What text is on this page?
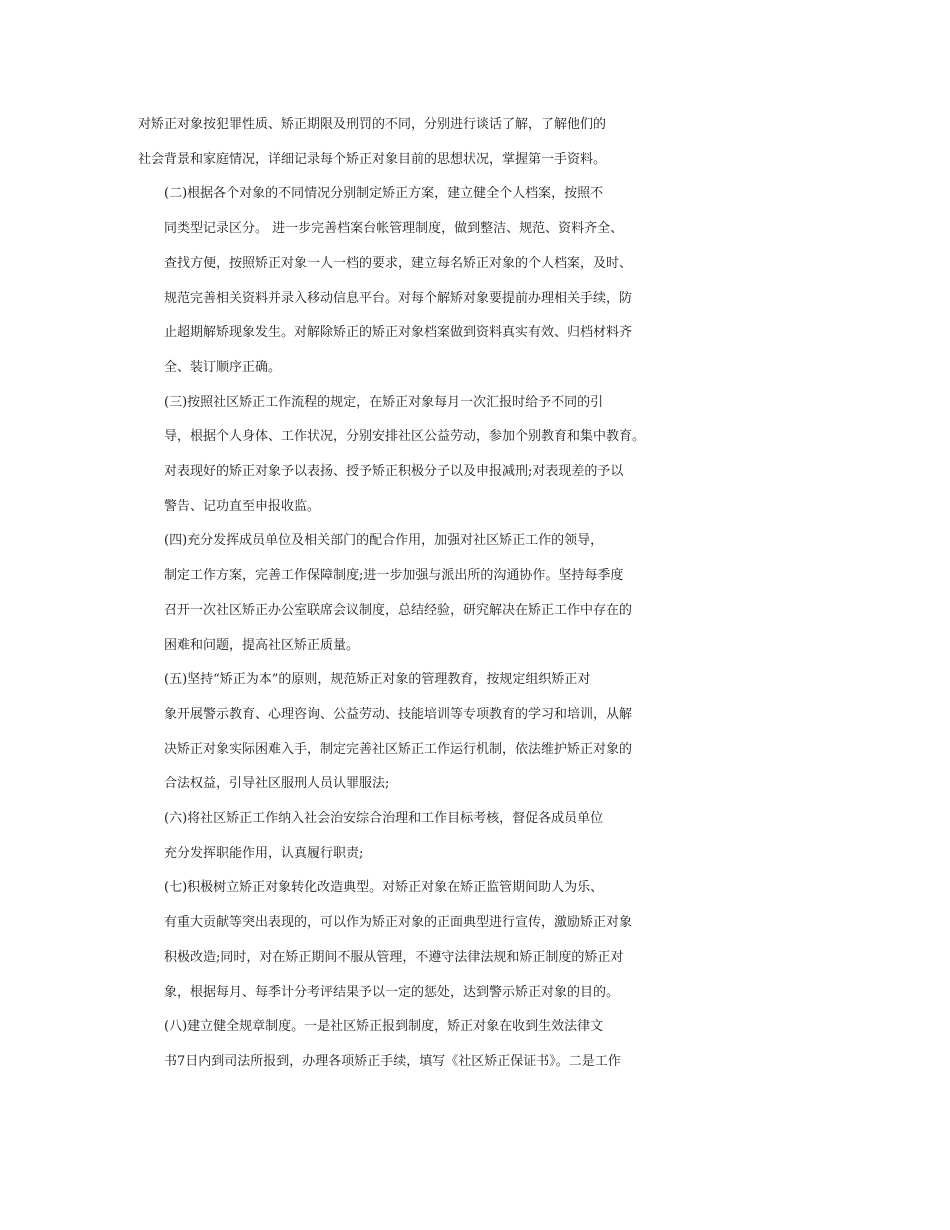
对矫正对象按犯罪性质、矫正期限及刑罚的不同，分别进行谈话了解，了解他们的
社会背景和家庭情况，详细记录每个矫正对象目前的思想状况，掌握第一手资料。
(二)根据各个对象的不同情况分别制定矫正方案，建立健全个人档案，按照不
同类型记录区分。 进一步完善档案台帐管理制度，做到整洁、规范、资料齐全、
查找方便，按照矫正对象一人一档的要求，建立每名矫正对象的个人档案，及时、
规范完善相关资料并录入移动信息平台。对每个解矫对象要提前办理相关手续，防
止超期解矫现象发生。对解除矫正的矫正对象档案做到资料真实有效、归档材料齐
全、装订顺序正确。
(三)按照社区矫正工作流程的规定，在矫正对象每月一次汇报时给予不同的引
导，根据个人身体、工作状况，分别安排社区公益劳动，参加个别教育和集中教育。
对表现好的矫正对象予以表扬、授予矫正积极分子以及申报减刑;对表现差的予以
警告、记功直至申报收监。
(四)充分发挥成员单位及相关部门的配合作用，加强对社区矫正工作的领导，
制定工作方案，完善工作保障制度;进一步加强与派出所的沟通协作。坚持每季度
召开一次社区矫正办公室联席会议制度，总结经验，研究解决在矫正工作中存在的
困难和问题，提高社区矫正质量。
(五)坚持“矫正为本”的原则，规范矫正对象的管理教育，按规定组织矫正对
象开展警示教育、心理咨询、公益劳动、技能培训等专项教育的学习和培训，从解
决矫正对象实际困难入手，制定完善社区矫正工作运行机制，依法维护矫正对象的
合法权益，引导社区服刑人员认罪服法;
(六)将社区矫正工作纳入社会治安综合治理和工作目标考核，督促各成员单位
充分发挥职能作用，认真履行职责;
(七)积极树立矫正对象转化改造典型。对矫正对象在矫正监管期间助人为乐、
有重大贡献等突出表现的，可以作为矫正对象的正面典型进行宣传，激励矫正对象
积极改造;同时，对在矫正期间不服从管理，不遵守法律法规和矫正制度的矫正对
象，根据每月、每季计分考评结果予以一定的惩处，达到警示矫正对象的目的。
(八)建立健全规章制度。一是社区矫正报到制度，矫正对象在收到生效法律文
书7日内到司法所报到，办理各项矫正手续，填写《社区矫正保证书》。二是工作
